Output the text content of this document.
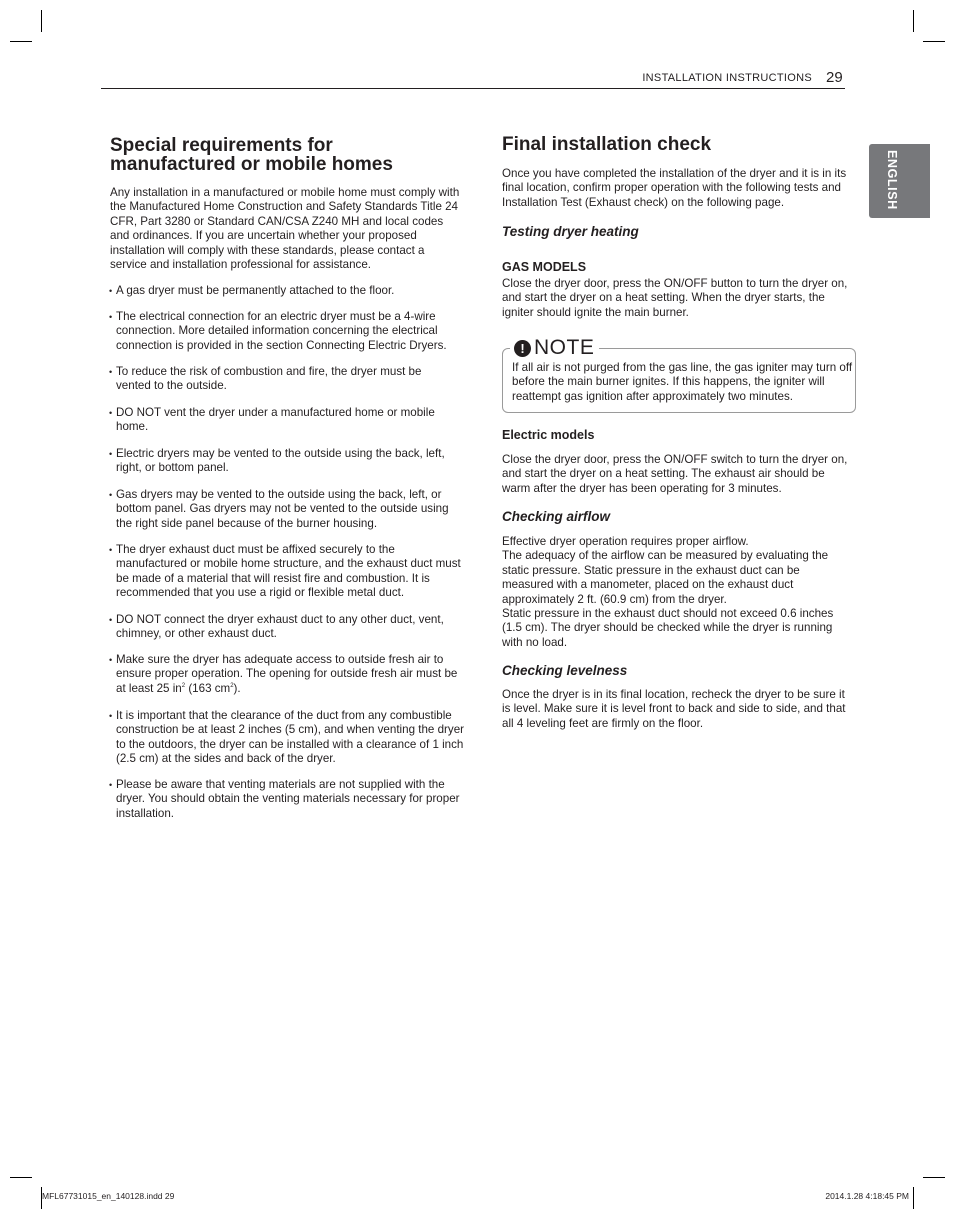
INSTALLATION INSTRUCTIONS 29
ENGLISH
Special requirements for
manufactured or mobile homes

Any installation in a manufactured or mobile home must comply with the Manufactured Home Construction and Safety Standards Title 24 CFR, Part 3280 or Standard CAN/CSA Z240 MH and local codes and ordinances. If you are uncertain whether your proposed installation will comply with these standards, please contact a service and installation professional for assistance.

• A gas dryer must be permanently attached to the floor.
• The electrical connection for an electric dryer must be a 4-wire connection. More detailed information concerning the electrical connection is provided in the section Connecting Electric Dryers.
• To reduce the risk of combustion and fire, the dryer must be vented to the outside.
• DO NOT vent the dryer under a manufactured home or mobile home.
• Electric dryers may be vented to the outside using the back, left, right, or bottom panel.
• Gas dryers may be vented to the outside using the back, left, or bottom panel. Gas dryers may not be vented to the outside using the right side panel because of the burner housing.
• The dryer exhaust duct must be affixed securely to the manufactured or mobile home structure, and the exhaust duct must be made of a material that will resist fire and combustion. It is recommended that you use a rigid or flexible metal duct.
• DO NOT connect the dryer exhaust duct to any other duct, vent, chimney, or other exhaust duct.
• Make sure the dryer has adequate access to outside fresh air to ensure proper operation. The opening for outside fresh air must be at least 25 $in^2$ (163 $cm^2$).
• It is important that the clearance of the duct from any combustible construction be at least 2 inches (5 cm), and when venting the dryer to the outdoors, the dryer can be installed with a clearance of 1 inch (2.5 cm) at the sides and back of the dryer.
• Please be aware that venting materials are not supplied with the dryer. You should obtain the venting materials necessary for proper installation.
Final installation check

Once you have completed the installation of the dryer and it is in its final location, confirm proper operation with the following tests and Installation Test (Exhaust check) on the following page.

Testing dryer heating

GAS MODELS

Close the dryer door, press the ON/OFF button to turn the dryer on, and start the dryer on a heat setting. When the dryer starts, the igniter should ignite the main burner.

! NOTE
If all air is not purged from the gas line, the gas igniter may turn off before the main burner ignites. If this happens, the igniter will reattempt gas ignition after approximately two minutes.

Electric models

Close the dryer door, press the ON/OFF switch to turn the dryer on, and start the dryer on a heat setting. The exhaust air should be warm after the dryer has been operating for 3 minutes.

Checking airflow

Effective dryer operation requires proper airflow.

The adequacy of the airflow can be measured by evaluating the static pressure. Static pressure in the exhaust duct can be measured with a manometer, placed on the exhaust duct approximately 2 ft. (60.9 cm) from the dryer.

Static pressure in the exhaust duct should not exceed 0.6 inches (1.5 cm). The dryer should be checked while the dryer is running with no load.

Checking levelness

Once the dryer is in its final location, recheck the dryer to be sure it is level. Make sure it is level front to back and side to side, and that all 4 leveling feet are firmly on the floor.

MFL67731015_en_140128.indd 29	2014.1.28 4:18:45 PM
